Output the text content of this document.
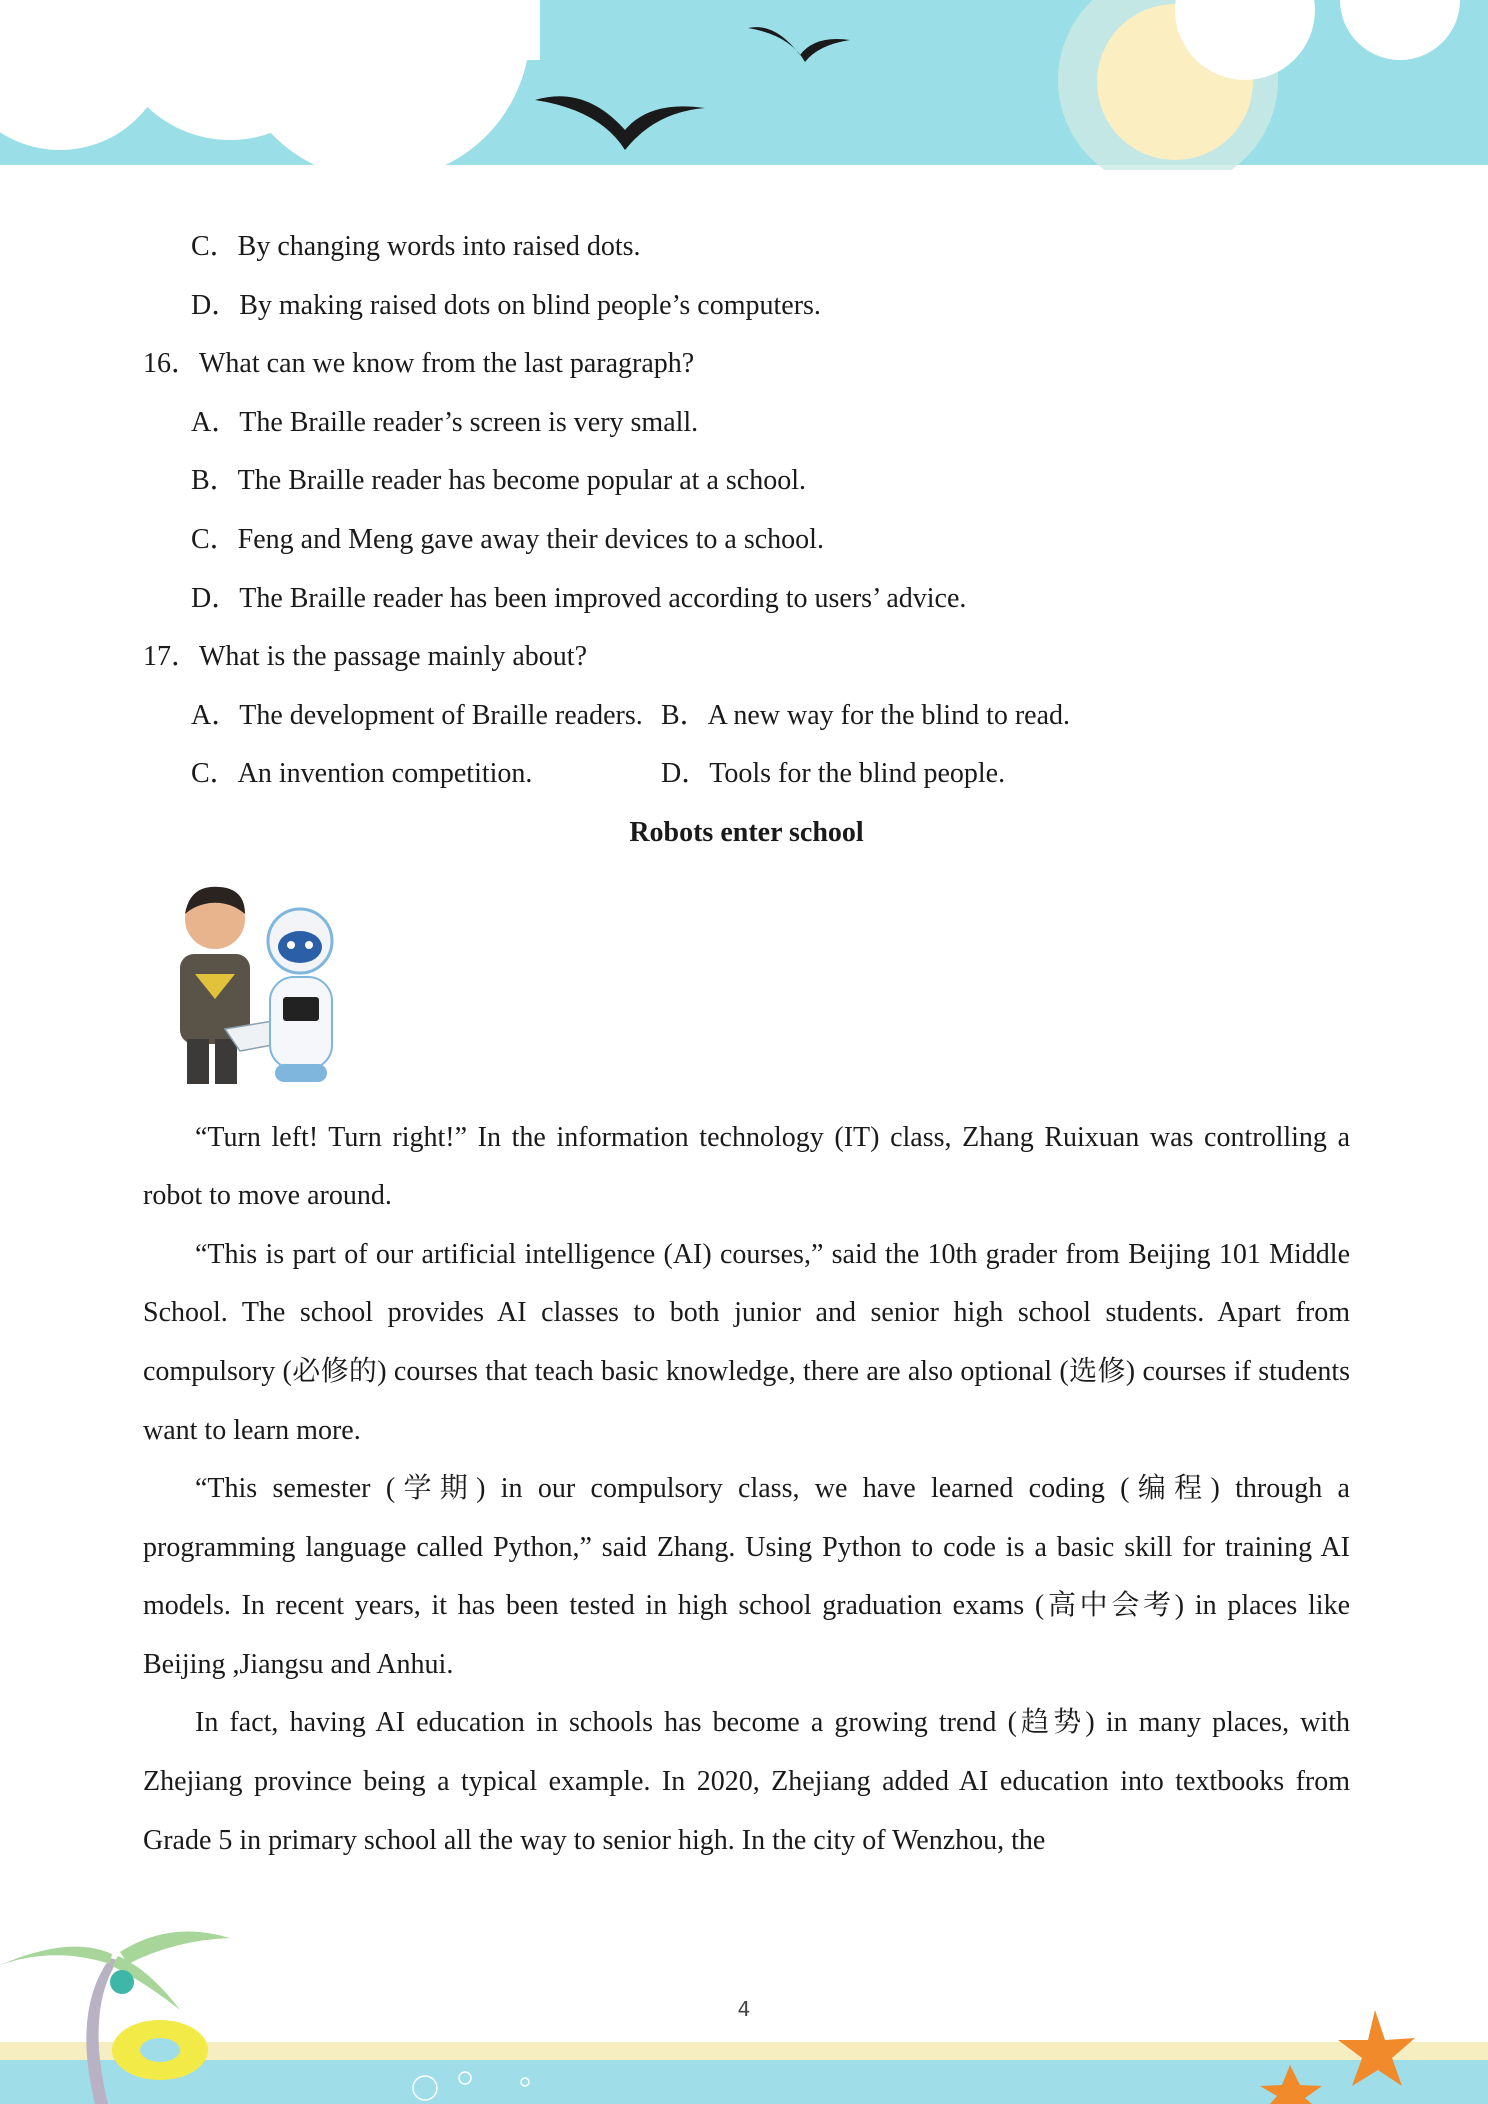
C．By changing words into raised dots.
D．By making raised dots on blind people’s computers.
16．What can we know from the last paragraph?
A．The Braille reader’s screen is very small.
B．The Braille reader has become popular at a school.
C．Feng and Meng gave away their devices to a school.
D．The Braille reader has been improved according to users’ advice.
17．What is the passage mainly about?
A．The development of Braille readers. B．A new way for the blind to read.
C．An invention competition.	D．Tools for the blind people.
Robots enter school

“Turn left! Turn right!” In the information technology (IT) class, Zhang Ruixuan was controlling a robot to move around.

“This is part of our artificial intelligence (AI) courses,” said the 10th grader from Beijing 101 Middle School. The school provides AI classes to both junior and senior high school students. Apart from compulsory (必修的) courses that teach basic knowledge, there are also optional (选修) courses if students want to learn more.

“This semester (学期) in our compulsory class, we have learned coding (编程) through a programming language called Python,” said Zhang. Using Python to code is a basic skill for training AI models. In recent years, it has been tested in high school graduation exams (高中会考) in places like Beijing ,Jiangsu and Anhui.

In fact, having AI education in schools has become a growing trend (趋势) in many places, with Zhejiang province being a typical example. In 2020, Zhejiang added AI education into textbooks from Grade 5 in primary school all the way to senior high. In the city of Wenzhou, the

4
